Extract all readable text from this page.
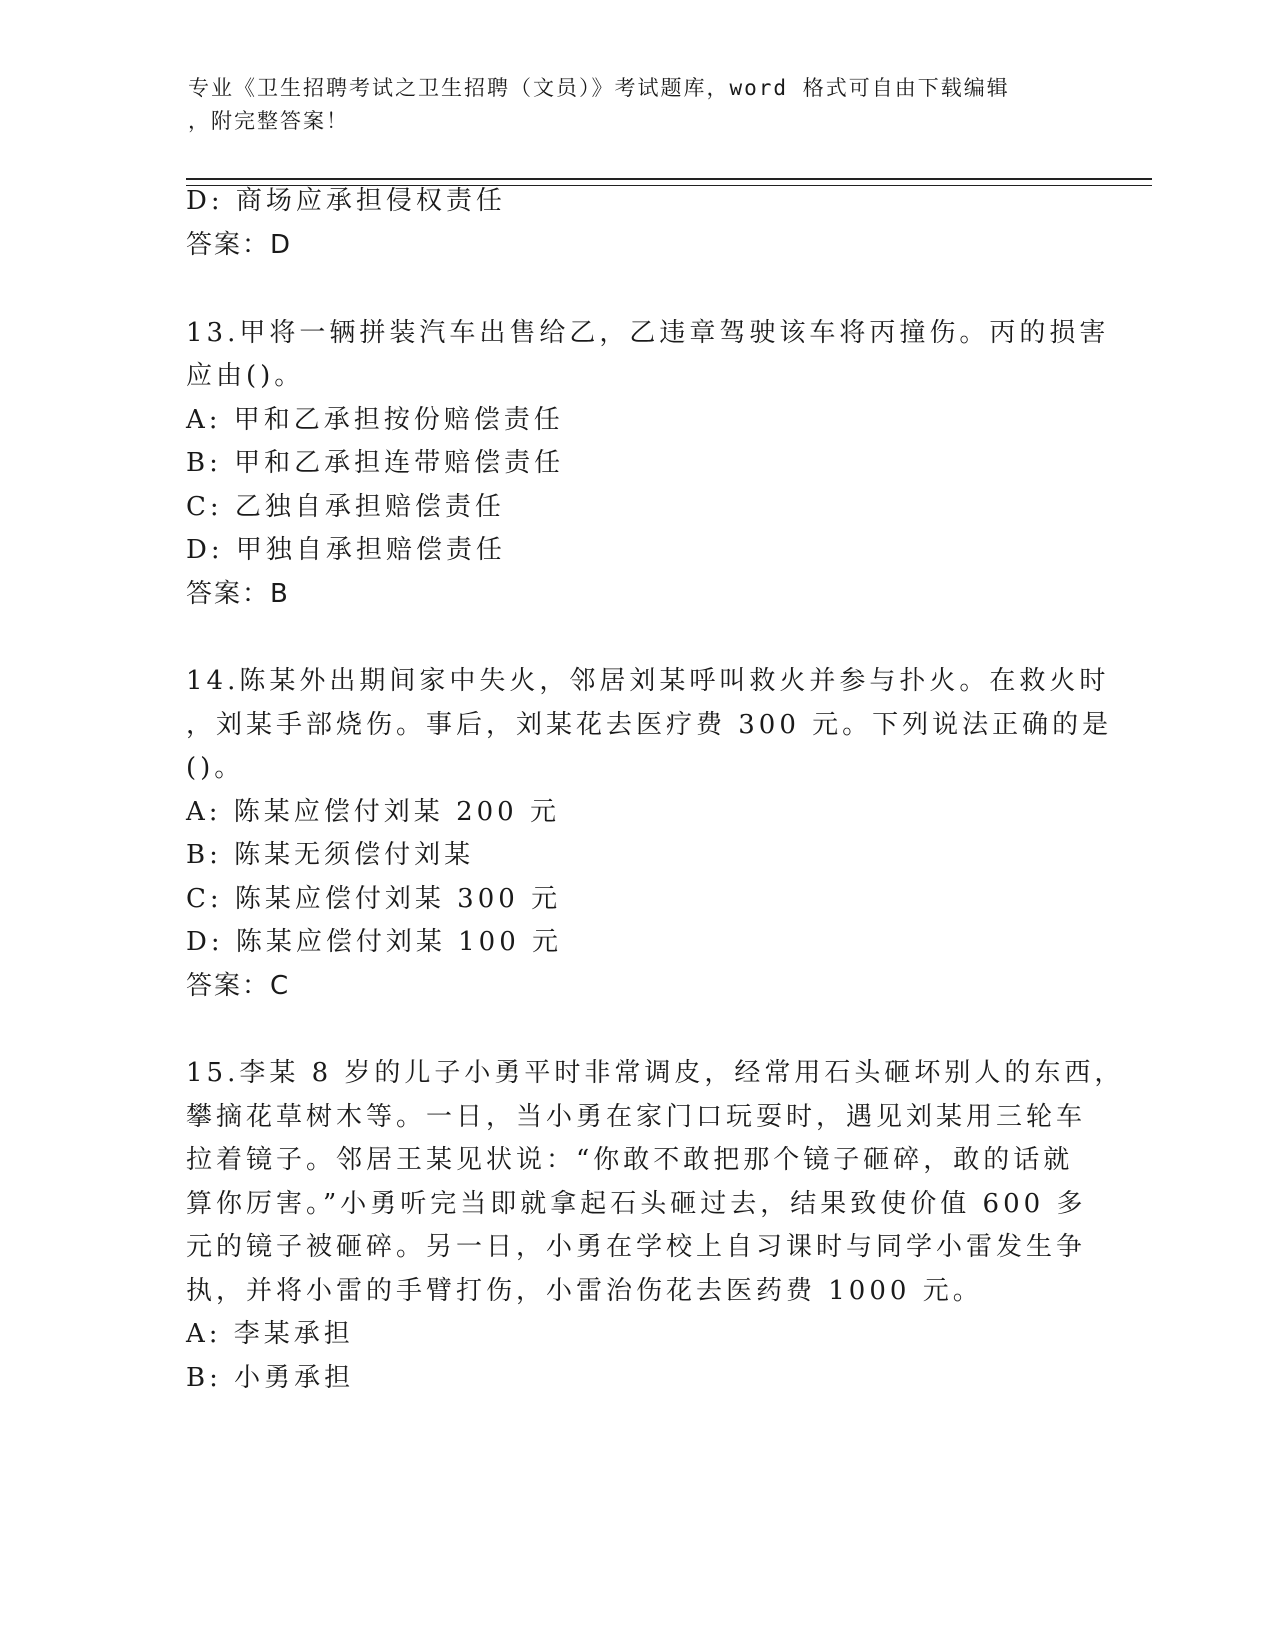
专业《卫生招聘考试之卫生招聘（文员）》考试题库，word 格式可自由下载编辑
，附完整答案！
D: 商场应承担侵权责任
答案：D
13.甲将一辆拼装汽车出售给乙，乙违章驾驶该车将丙撞伤。丙的损害
应由()。
A: 甲和乙承担按份赔偿责任
B: 甲和乙承担连带赔偿责任
C: 乙独自承担赔偿责任
D: 甲独自承担赔偿责任
答案：B
14.陈某外出期间家中失火，邻居刘某呼叫救火并参与扑火。在救火时
，刘某手部烧伤。事后，刘某花去医疗费 300 元。下列说法正确的是
()。
A: 陈某应偿付刘某 200 元
B: 陈某无须偿付刘某
C: 陈某应偿付刘某 300 元
D: 陈某应偿付刘某 100 元
答案：C
15.李某 8 岁的儿子小勇平时非常调皮，经常用石头砸坏别人的东西，
攀摘花草树木等。一日，当小勇在家门口玩耍时，遇见刘某用三轮车
拉着镜子。邻居王某见状说：“你敢不敢把那个镜子砸碎，敢的话就
算你厉害。”小勇听完当即就拿起石头砸过去，结果致使价值 600 多
元的镜子被砸碎。另一日，小勇在学校上自习课时与同学小雷发生争
执，并将小雷的手臂打伤，小雷治伤花去医药费 1000 元。
A: 李某承担
B: 小勇承担
